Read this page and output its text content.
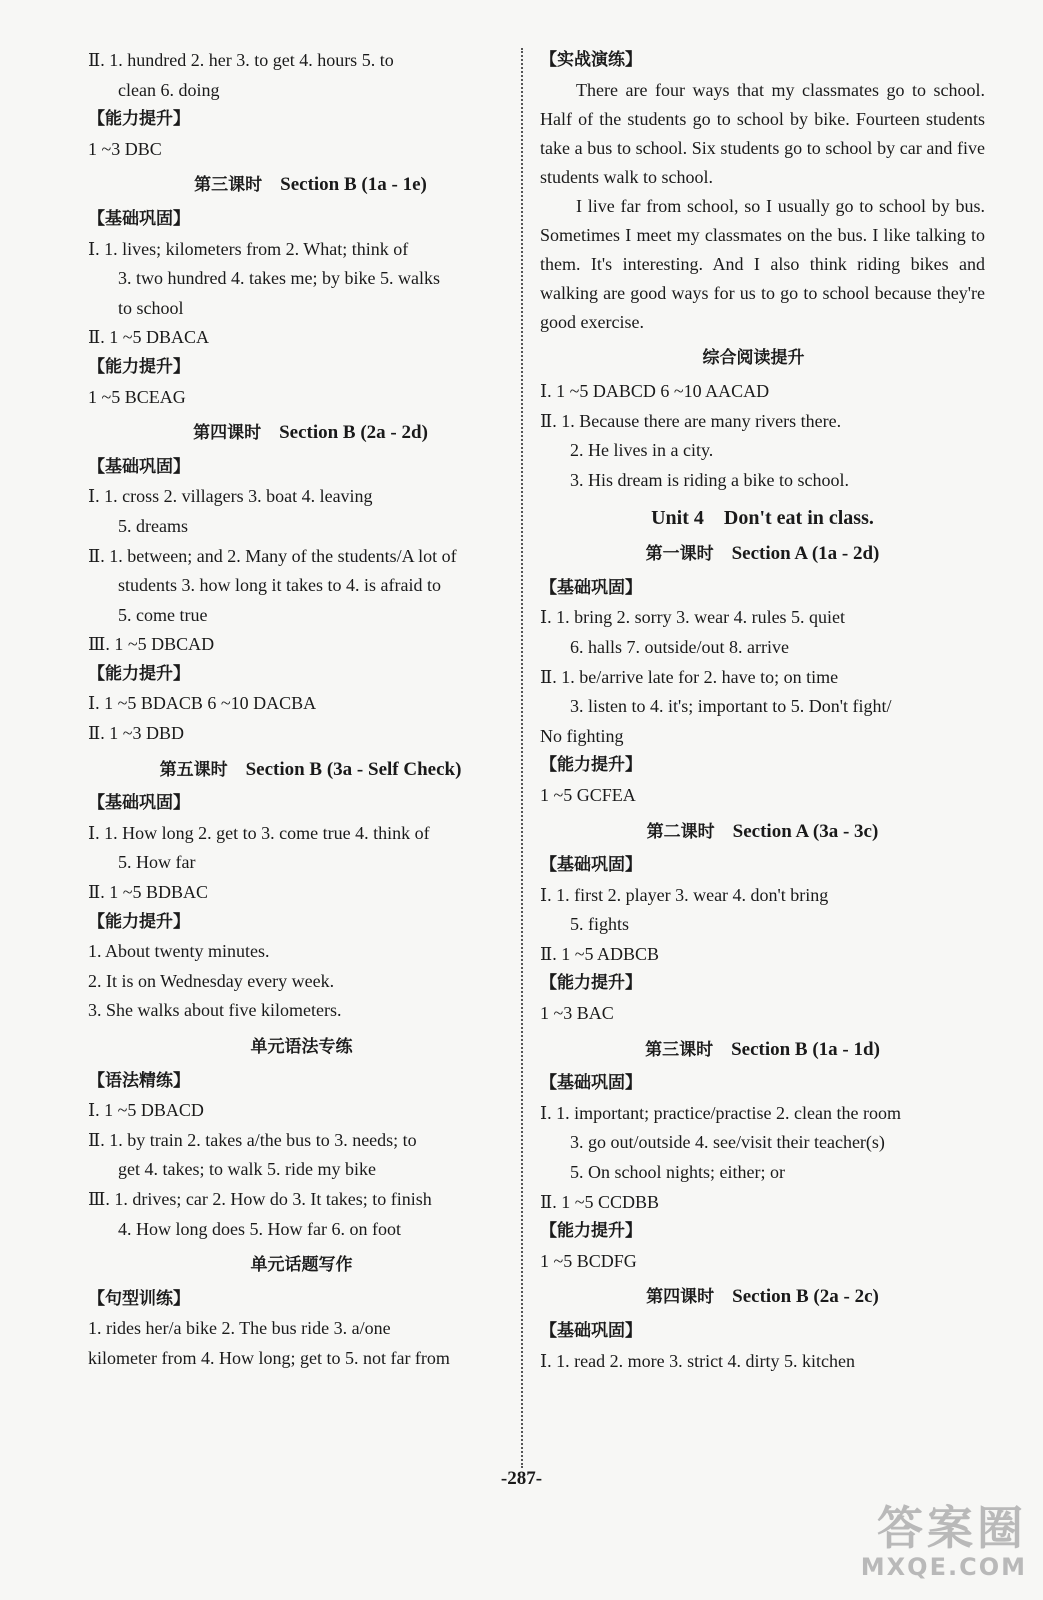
Ⅱ. 1. hundred 2. her 3. to get 4. hours 5. to
clean 6. doing
【能力提升】
1 ~3 DBC
第三课时 Section B (1a - 1e)
【基础巩固】
Ⅰ. 1. lives; kilometers from 2. What; think of
3. two hundred 4. takes me; by bike 5. walks
to school
Ⅱ. 1 ~5 DBACA
【能力提升】
1 ~5 BCEAG
第四课时 Section B (2a - 2d)
【基础巩固】
Ⅰ. 1. cross 2. villagers 3. boat 4. leaving
5. dreams
Ⅱ. 1. between; and 2. Many of the students/A lot of
students 3. how long it takes to 4. is afraid to
5. come true
Ⅲ. 1 ~5 DBCAD
【能力提升】
Ⅰ. 1 ~5 BDACB 6 ~10 DACBA
Ⅱ. 1 ~3 DBD
第五课时 Section B (3a - Self Check)
【基础巩固】
Ⅰ. 1. How long 2. get to 3. come true 4. think of
5. How far
Ⅱ. 1 ~5 BDBAC
【能力提升】
1. About twenty minutes.
2. It is on Wednesday every week.
3. She walks about five kilometers.
单元语法专练
【语法精练】
Ⅰ. 1 ~5 DBACD
Ⅱ. 1. by train 2. takes a/the bus to 3. needs; to
get 4. takes; to walk 5. ride my bike
Ⅲ. 1. drives; car 2. How do 3. It takes; to finish
4. How long does 5. How far 6. on foot
单元话题写作
【句型训练】
1. rides her/a bike 2. The bus ride 3. a/one
kilometer from 4. How long; get to 5. not far from
【实战演练】
There are four ways that my classmates go to school. Half of the students go to school by bike. Fourteen students take a bus to school. Six students go to school by car and five students walk to school.
I live far from school, so I usually go to school by bus. Sometimes I meet my classmates on the bus. I like talking to them. It's interesting. And I also think riding bikes and walking are good ways for us to go to school because they're good exercise.
综合阅读提升
Ⅰ. 1 ~5 DABCD 6 ~10 AACAD
Ⅱ. 1. Because there are many rivers there.
2. He lives in a city.
3. His dream is riding a bike to school.
Unit 4    Don't eat in class.
第一课时 Section A (1a - 2d)
【基础巩固】
Ⅰ. 1. bring 2. sorry 3. wear 4. rules 5. quiet
6. halls 7. outside/out 8. arrive
Ⅱ. 1. be/arrive late for 2. have to; on time
3. listen to 4. it's; important to 5. Don't fight/
No fighting
【能力提升】
1 ~5 GCFEA
第二课时 Section A (3a - 3c)
【基础巩固】
Ⅰ. 1. first 2. player 3. wear 4. don't bring
5. fights
Ⅱ. 1 ~5 ADBCB
【能力提升】
1 ~3 BAC
第三课时 Section B (1a - 1d)
【基础巩固】
Ⅰ. 1. important; practice/practise 2. clean the room
3. go out/outside 4. see/visit their teacher(s)
5. On school nights; either; or
Ⅱ. 1 ~5 CCDBB
【能力提升】
1 ~5 BCDFG
第四课时 Section B (2a - 2c)
【基础巩固】
Ⅰ. 1. read 2. more 3. strict 4. dirty 5. kitchen
-287-
答案圈
MXQE.COM
